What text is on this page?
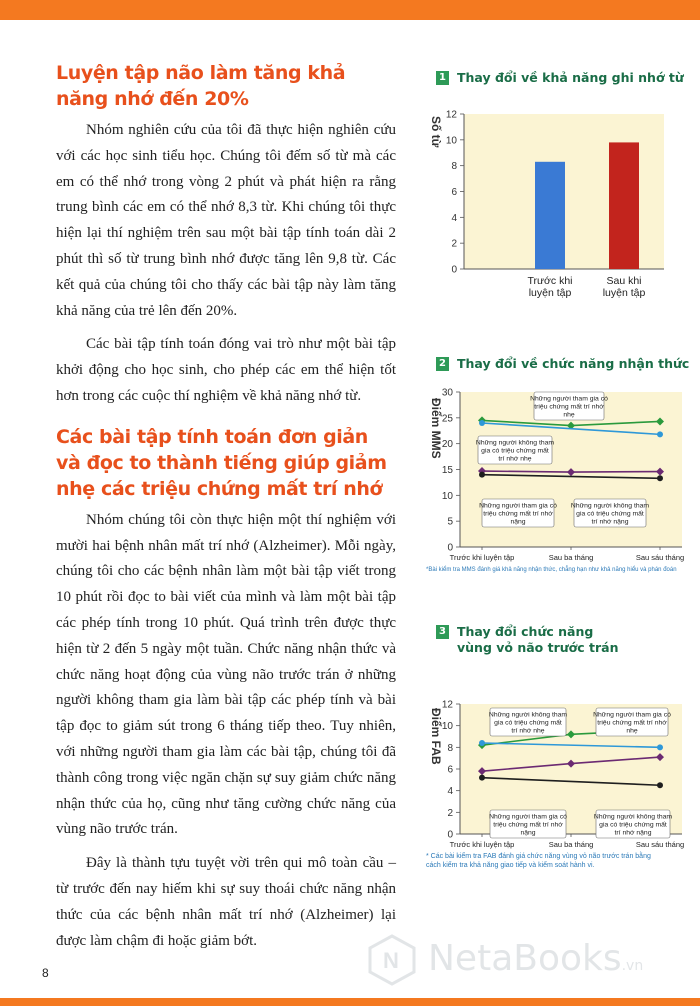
Luyện tập não làm tăng khả năng nhớ đến 20%

Nhóm nghiên cứu của tôi đã thực hiện nghiên cứu với các học sinh tiểu học. Chúng tôi đếm số từ mà các em có thể nhớ trong vòng 2 phút và phát hiện ra rằng trung bình các em có thể nhớ 8,3 từ. Khi chúng tôi thực hiện lại thí nghiệm trên sau một bài tập tính toán dài 2 phút thì số từ trung bình nhớ được tăng lên 9,8 từ. Các kết quả của chúng tôi cho thấy các bài tập này làm tăng khả năng của trẻ lên đến 20%.

Các bài tập tính toán đóng vai trò như một bài tập khởi động cho học sinh, cho phép các em thể hiện tốt hơn trong các cuộc thí nghiệm về khả năng nhớ từ.

Các bài tập tính toán đơn giản và đọc to thành tiếng giúp giảm nhẹ các triệu chứng mất trí nhớ

Nhóm chúng tôi còn thực hiện một thí nghiệm với mười hai bệnh nhân mất trí nhớ (Alzheimer). Mỗi ngày, chúng tôi cho các bệnh nhân làm một bài tập viết trong 10 phút rồi đọc to bài viết của mình và làm một bài tập các phép tính trong 10 phút. Quá trình trên được thực hiện từ 2 đến 5 ngày một tuần. Chức năng nhận thức và chức năng hoạt động của vùng não trước trán ở những người không tham gia làm bài tập các phép tính và bài tập đọc to giảm sút trong 6 tháng tiếp theo. Tuy nhiên, với những người tham gia làm các bài tập, chúng tôi đã thành công trong việc ngăn chặn sự suy giảm chức năng nhận thức của họ, cũng như tăng cường chức năng của vùng não trước trán.

Đây là thành tựu tuyệt vời trên qui mô toàn cầu – từ trước đến nay hiếm khi sự suy thoái chức năng nhận thức của các bệnh nhân mất trí nhớ (Alzheimer) lại được làm chậm đi hoặc giảm bớt.

1 Thay đổi về khả năng ghi nhớ từ
0
2
4
6
8
10
12
Số từ
Trước khi
luyện tập
Sau khi
luyện tập
2 Thay đổi về chức năng nhận thức
0
5
10
15
20
25
30
Điểm MMS
Trước khi luyện tập	Sau ba tháng	Sau sáu tháng
Những người tham gia có
triệu chứng mất trí nhớ
nhẹ
Những người không tham
gia có triệu chứng mất
trí nhớ nhẹ
Những người tham gia có
triệu chứng mất trí nhớ
nặng
Những người không tham
gia có triệu chứng mất
trí nhớ nặng
*Bài kiểm tra MMS đánh giá khả năng nhận thức, chẳng hạn như khả năng hiểu và phán đoán
3 Thay đổi chức năng
vùng vỏ não trước trán
0
2
4
6
8
10
12
Điểm FAB
Trước khi luyện tập	Sau ba tháng	Sau sáu tháng
Những người không tham
gia có triệu chứng mất
trí nhớ nhẹ
Những người tham gia có
triệu chứng mất trí nhớ
nhẹ
Những người tham gia có
triệu chứng mất trí nhớ
nặng
Những người không tham
gia có triệu chứng mất
trí nhớ nặng
* Các bài kiểm tra FAB đánh giá chức năng vùng vỏ não trước trán bằng cách kiểm tra khả năng giao tiếp và kiểm soát hành vi.
8	N NetaBooks.vn
